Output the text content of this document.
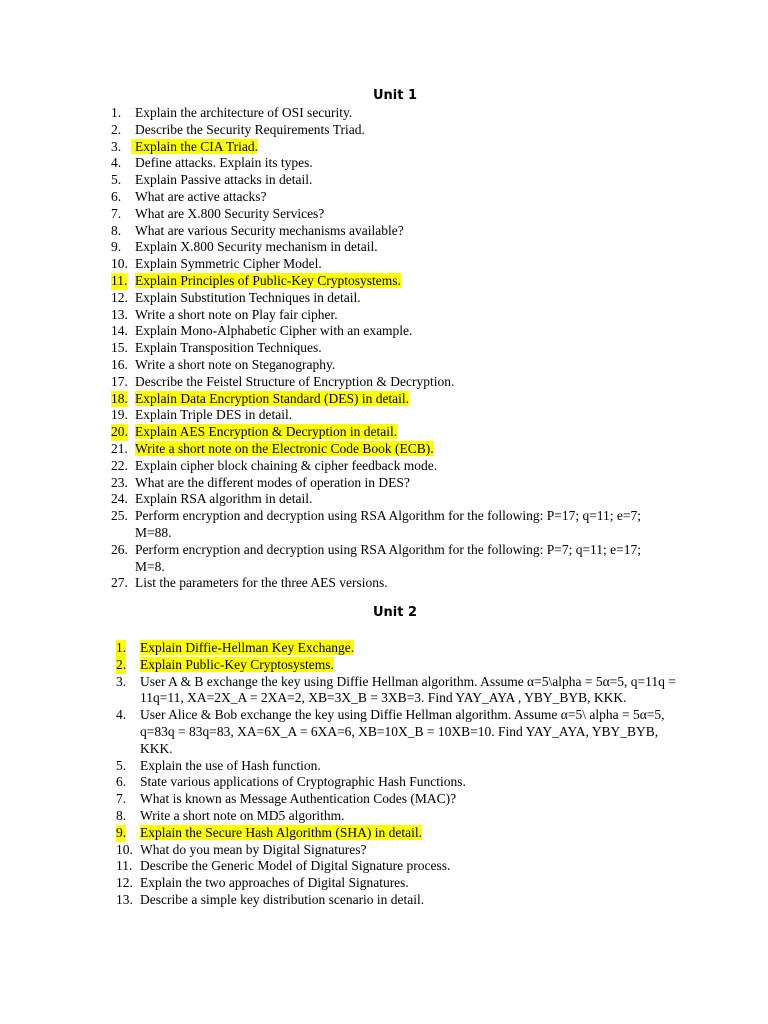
Unit 1
1.	Explain the architecture of OSI security.
2.	Describe the Security Requirements Triad.
3.	Explain the CIA Triad.
4.	Define attacks. Explain its types.
5.	Explain Passive attacks in detail.
6.	What are active attacks?
7.	What are X.800 Security Services?
8.	What are various Security mechanisms available?
9.	Explain X.800 Security mechanism in detail.
10. Explain Symmetric Cipher Model.
11. Explain Principles of Public-Key Cryptosystems.
12. Explain Substitution Techniques in detail.
13. Write a short note on Play fair cipher.
14. Explain Mono-Alphabetic Cipher with an example.
15. Explain Transposition Techniques.
16. Write a short note on Steganography.
17. Describe the Feistel Structure of Encryption & Decryption.
18. Explain Data Encryption Standard (DES) in detail.
19. Explain Triple DES in detail.
20. Explain AES Encryption & Decryption in detail.
21. Write a short note on the Electronic Code Book (ECB).
22. Explain cipher block chaining & cipher feedback mode.
23. What are the different modes of operation in DES?
24. Explain RSA algorithm in detail.
25. Perform encryption and decryption using RSA Algorithm for the following: P=17; q=11; e=7; M=88.
26. Perform encryption and decryption using RSA Algorithm for the following: P=7; q=11; e=17; M=8.
27. List the parameters for the three AES versions.
Unit 2
1.	Explain Diffie-Hellman Key Exchange.
2.	Explain Public-Key Cryptosystems.
3.	User A & B exchange the key using Diffie Hellman algorithm. Assume α=5\alpha = 5α=5, q=11q = 11q=11, XA=2X_A = 2XA=2, XB=3X_B = 3XB=3. Find YAY_AYA , YBY_BYB, KKK.
4.	User Alice & Bob exchange the key using Diffie Hellman algorithm. Assume α=5\ alpha = 5α=5, q=83q = 83q=83, XA=6X_A = 6XA=6, XB=10X_B = 10XB=10. Find YAY_AYA, YBY_BYB, KKK.
5.	Explain the use of Hash function.
6.	State various applications of Cryptographic Hash Functions.
7.	What is known as Message Authentication Codes (MAC)?
8.	Write a short note on MD5 algorithm.
9.	Explain the Secure Hash Algorithm (SHA) in detail.
10. What do you mean by Digital Signatures?
11. Describe the Generic Model of Digital Signature process.
12. Explain the two approaches of Digital Signatures.
13. Describe a simple key distribution scenario in detail.
